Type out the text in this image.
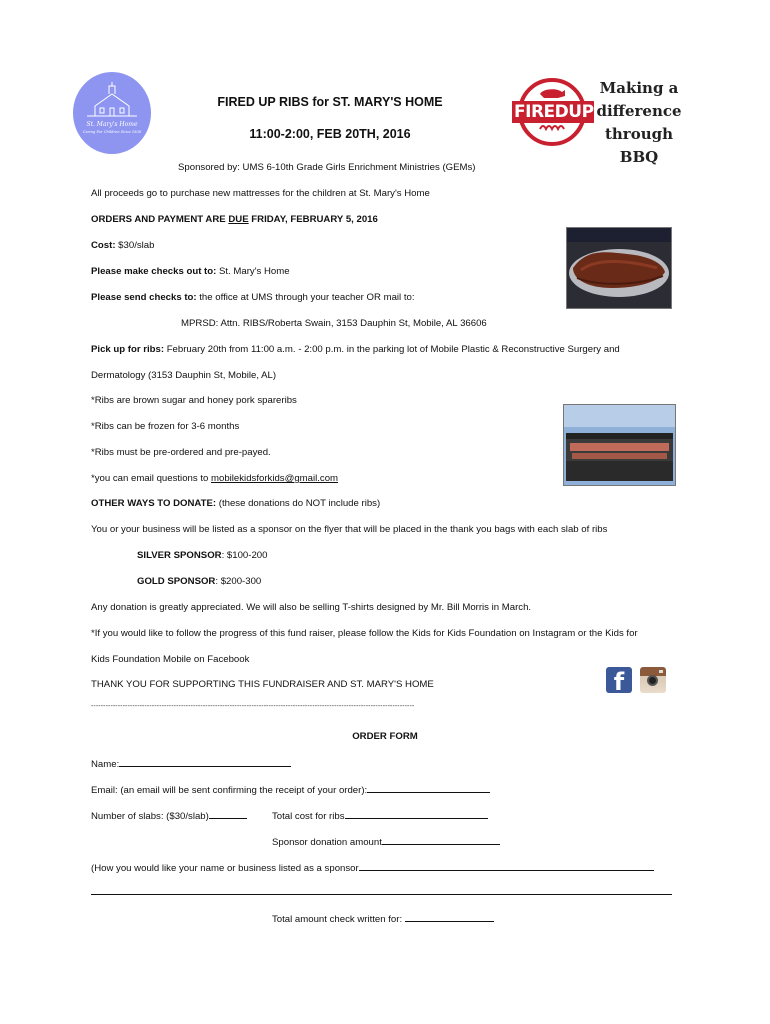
St. Mary's Home
Caring For Children Since 1838
FIRED UP RIBS for ST. MARY'S HOME
11:00-2:00, FEB 20TH, 2016
FIREDUP
Making a
difference
through BBQ
Sponsored by: UMS 6-10th Grade Girls Enrichment Ministries (GEMs)
All proceeds go to purchase new mattresses for the children at St. Mary's Home
ORDERS AND PAYMENT ARE DUE FRIDAY, FEBRUARY 5, 2016
Cost: $30/slab
Please make checks out to: St. Mary's Home
Please send checks to: the office at UMS through your teacher OR mail to:
MPRSD: Attn. RIBS/Roberta Swain, 3153 Dauphin St, Mobile, AL 36606
Pick up for ribs: February 20th from 11:00 a.m. - 2:00 p.m. in the parking lot of Mobile Plastic & Reconstructive Surgery and
Dermatology (3153 Dauphin St, Mobile, AL)
*Ribs are brown sugar and honey pork spareribs
*Ribs can be frozen for 3-6 months
*Ribs must be pre-ordered and pre-payed.
*you can email questions to mobilekidsforkids@gmail.com
OTHER WAYS TO DONATE: (these donations do NOT include ribs)
You or your business will be listed as a sponsor on the flyer that will be placed in the thank you bags with each slab of ribs
SILVER SPONSOR: $100-200
GOLD SPONSOR: $200-300
Any donation is greatly appreciated. We will also be selling T-shirts designed by Mr. Bill Morris in March.
*If you would like to follow the progress of this fund raiser, please follow the Kids for Kids Foundation on Instagram or the Kids for
Kids Foundation Mobile on Facebook
THANK YOU FOR SUPPORTING THIS FUNDRAISER AND ST. MARY'S HOME
-------------------------------------------------------------------------------------------------------------------------------------
f
ORDER FORM
Name:
Email: (an email will be sent confirming the receipt of your order):
Number of slabs: ($30/slab)	Total cost for ribs
Sponsor donation amount
(How you would like your name or business listed as a sponsor
Total amount check written for:
